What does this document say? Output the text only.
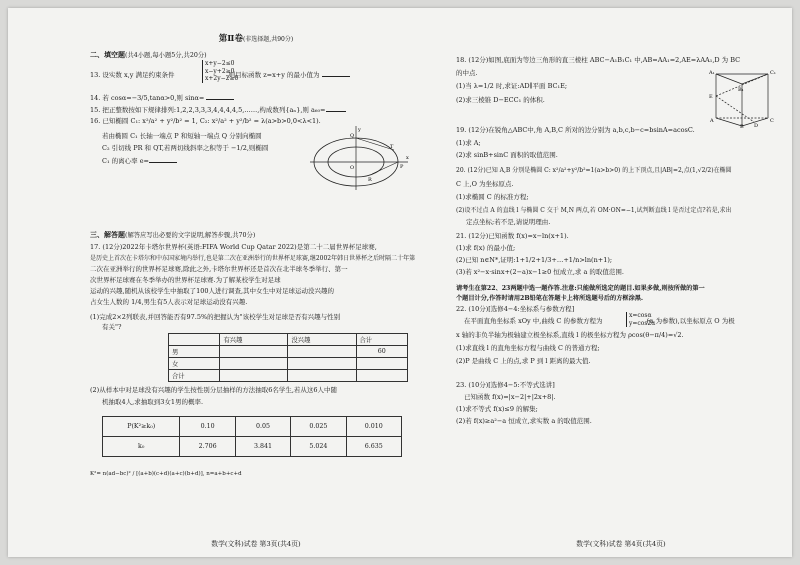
第Ⅱ卷(非选择题,共90分)
二、填空题(共4小题,每小题5分,共20分)
13. 设实数 x,y 满足约束条件	,则目标函数 z=x+y 的最小值为
x+y−2≤0
x−y+2≥0
x+2y−2≥0
14. 若 cosα=−3/5,tanα>0,则 sinα=
15. 把正整数按如下规律排列:1,2,2,3,3,3,4,4,4,4,5,……,构成数列{aₙ},则 a₆₀=
16. 已知椭圆 C₁: x²/a² + y²/b² = 1, C₂: x²/a² + y²/b² = λ(a>b>0,0<λ<1).
若由椭圆 C₁ 长轴一端点 P 和短轴一端点 Q 分别向椭圆
C₂ 引切线 PR 和 QT,若两切线斜率之积等于 −1/2,则椭圆
C₁ 的离心率 e=
y
Q
T
R
P
x
O
三、解答题(解答应写出必要的文字说明,解答步骤,共70分)
17. (12分)2022年卡塔尔世界杯(英语:FIFA World Cup Qatar 2022)是第二十二届世界杯足球赛,
是历史上首次在卡塔尔和中东国家境内举行,也是第二次在亚洲举行的世界杯足球赛,继2002年韩日世界杯之后时隔二十年第
二次在亚洲举行的世界杯足球赛,除此之外,卡塔尔世界杯还是首次在北半球冬季举行、第一
次世界杯足球赛在冬季举办的世界杯足球赛.为了解某校学生对足球
运动的兴趣,随机从该校学生中抽取了100人进行调查,其中女生中对足球运动没兴趣的
占女生人数的 1/4,男生有5人表示对足球运动没有兴趣.
(1)完成2×2列联表,并回答能否有97.5%的把握认为"该校学生对足球是否有兴趣与性别
有关"?
	有兴趣	没兴趣	合计
男			60
女			
合计			
(2)从样本中对足球没有兴趣的学生按性别分层抽样的方法抽取6名学生,若从这6人中随
机抽取4人,求抽取到3女1男的概率.
P(K²≥k₀)	0.10	0.05	0.025	0.010
k₀	2.706	3.841	5.024	6.635
K²= n(ad−bc)² / [(a+b)(c+d)(a+c)(b+d)], n=a+b+c+d
数学(文科)试卷 第3页(共4页)
18. (12分)如图,底面为等边三角形的直三棱柱 ABC−A₁B₁C₁ 中,AB=AA₁=2,AE=λAA₁,D 为 BC
的中点.
(1)当 λ=1/2 时,求证:AD∥平面 BC₁E;
(2)求三棱锥 D−ECC₁ 的体积.
A
B
C
D
E
A₁
B₁
C₁
19. (12分)在锐角△ABC中,角 A,B,C 所对的边分别为 a,b,c,b−c=bsinA=acosC.
(1)求 A;
(2)求 sinB+sinC 面积的取值范围.
20. (12分)已知 A,B 分别是椭圆 C: x²/a²+y²/b²=1(a>b>0) 的上下顶点,且|AB|=2,点(1,√2/2)在椭圆
C 上,O 为坐标原点.
(1)求椭圆 C 的标准方程;
(2)设不过点 A 的直线 l 与椭圆 C 交于 M,N 两点,若 OM·ON=−1,试判断直线 l 是否过定点?若是,求出
定点坐标;若不是,请说明理由.
21. (12分)已知函数 f(x)=x−ln(x+1).
(1)求 f(x) 的最小值;
(2)已知 n∈N*,证明:1+1/2+1/3+…+1/n>ln(n+1);
(3)若 x²−x·sinx+(2−a)x−1≥0 恒成立,求 a 的取值范围.
请考生在第22、23两题中选一题作答.注意:只能做所选定的题目.如果多做,则按所做的第一
个题目计分,作答时请用2B铅笔在答题卡上将所选题号后的方框涂黑.
22. (10分)[选修4−4:坐标系与参数方程]
在平面直角坐标系 xOy 中,曲线 C 的参数方程为	(α 为参数),以坐标原点 O 为极
x=cosα
y=cos2α
x 轴的非负半轴为极轴建立极坐标系,直线 l 的极坐标方程为 ρcos(θ−π/4)=√2.
(1)求直线 l 的直角坐标方程与曲线 C 的普通方程;
(2)P 是曲线 C 上的点,求 P 到 l 距离的最大值.
23. (10分)[选修4−5:不等式选讲]
已知函数 f(x)=|x−2|+|2x+8|.
(1)求不等式 f(x)≤9 的解集;
(2)若 f(x)≥a²−a 恒成立,求实数 a 的取值范围.
数学(文科)试卷 第4页(共4页)
